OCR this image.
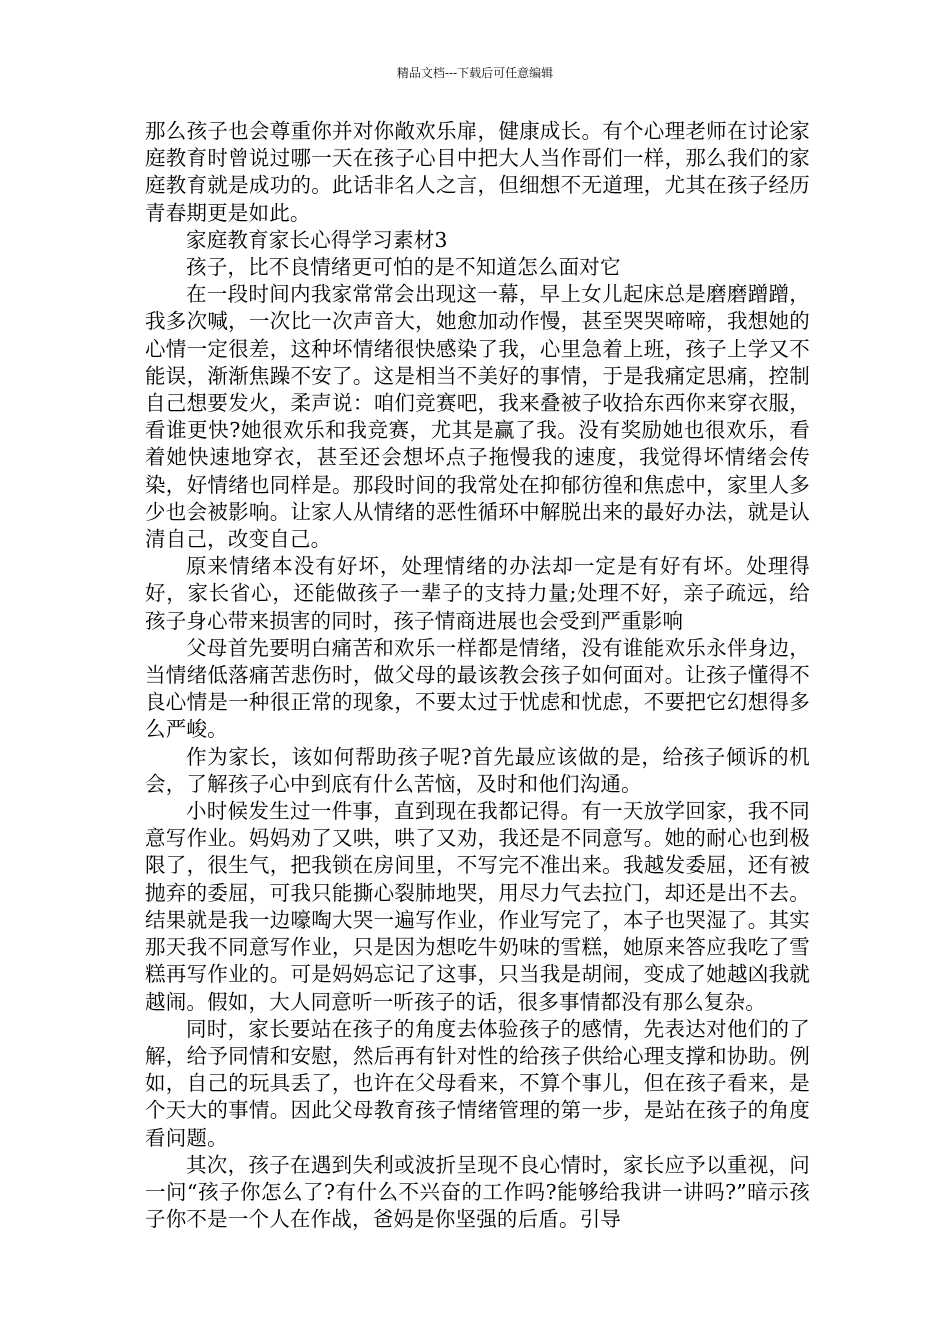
精品文档---下载后可任意编辑

那么孩子也会尊重你并对你敞欢乐扉，健康成长。有个心理老师在讨论家庭教育时曾说过哪一天在孩子心目中把大人当作哥们一样，那么我们的家庭教育就是成功的。此话非名人之言，但细想不无道理，尤其在孩子经历青春期更是如此。

家庭教育家长心得学习素材3

孩子，比不良情绪更可怕的是不知道怎么面对它

在一段时间内我家常常会出现这一幕，早上女儿起床总是磨磨蹭蹭，我多次喊，一次比一次声音大，她愈加动作慢，甚至哭哭啼啼，我想她的心情一定很差，这种坏情绪很快感染了我，心里急着上班，孩子上学又不能误，渐渐焦躁不安了。这是相当不美好的事情，于是我痛定思痛，控制自己想要发火，柔声说：咱们竞赛吧，我来叠被子收拾东西你来穿衣服，看谁更快?她很欢乐和我竞赛，尤其是赢了我。没有奖励她也很欢乐，看着她快速地穿衣，甚至还会想坏点子拖慢我的速度，我觉得坏情绪会传染，好情绪也同样是。那段时间的我常处在抑郁彷徨和焦虑中，家里人多少也会被影响。让家人从情绪的恶性循环中解脱出来的最好办法，就是认清自己，改变自己。

原来情绪本没有好坏，处理情绪的办法却一定是有好有坏。处理得好，家长省心，还能做孩子一辈子的支持力量;处理不好，亲子疏远，给孩子身心带来损害的同时，孩子情商进展也会受到严重影响

父母首先要明白痛苦和欢乐一样都是情绪，没有谁能欢乐永伴身边，当情绪低落痛苦悲伤时，做父母的最该教会孩子如何面对。让孩子懂得不良心情是一种很正常的现象，不要太过于忧虑和忧虑，不要把它幻想得多么严峻。

作为家长，该如何帮助孩子呢?首先最应该做的是，给孩子倾诉的机会，了解孩子心中到底有什么苦恼，及时和他们沟通。

小时候发生过一件事，直到现在我都记得。有一天放学回家，我不同意写作业。妈妈劝了又哄，哄了又劝，我还是不同意写。她的耐心也到极限了，很生气，把我锁在房间里，不写完不准出来。我越发委屈，还有被抛弃的委屈，可我只能撕心裂肺地哭，用尽力气去拉门，却还是出不去。结果就是我一边嚎啕大哭一遍写作业，作业写完了，本子也哭湿了。其实那天我不同意写作业，只是因为想吃牛奶味的雪糕，她原来答应我吃了雪糕再写作业的。可是妈妈忘记了这事，只当我是胡闹，变成了她越凶我就越闹。假如，大人同意听一听孩子的话，很多事情都没有那么复杂。

同时，家长要站在孩子的角度去体验孩子的感情，先表达对他们的了解，给予同情和安慰，然后再有针对性的给孩子供给心理支撑和协助。例如，自己的玩具丢了，也许在父母看来，不算个事儿，但在孩子看来，是个天大的事情。因此父母教育孩子情绪管理的第一步，是站在孩子的角度看问题。

其次，孩子在遇到失利或波折呈现不良心情时，家长应予以重视，问一问“孩子你怎么了?有什么不兴奋的工作吗?能够给我讲一讲吗?”暗示孩子你不是一个人在作战，爸妈是你坚强的后盾。引导
